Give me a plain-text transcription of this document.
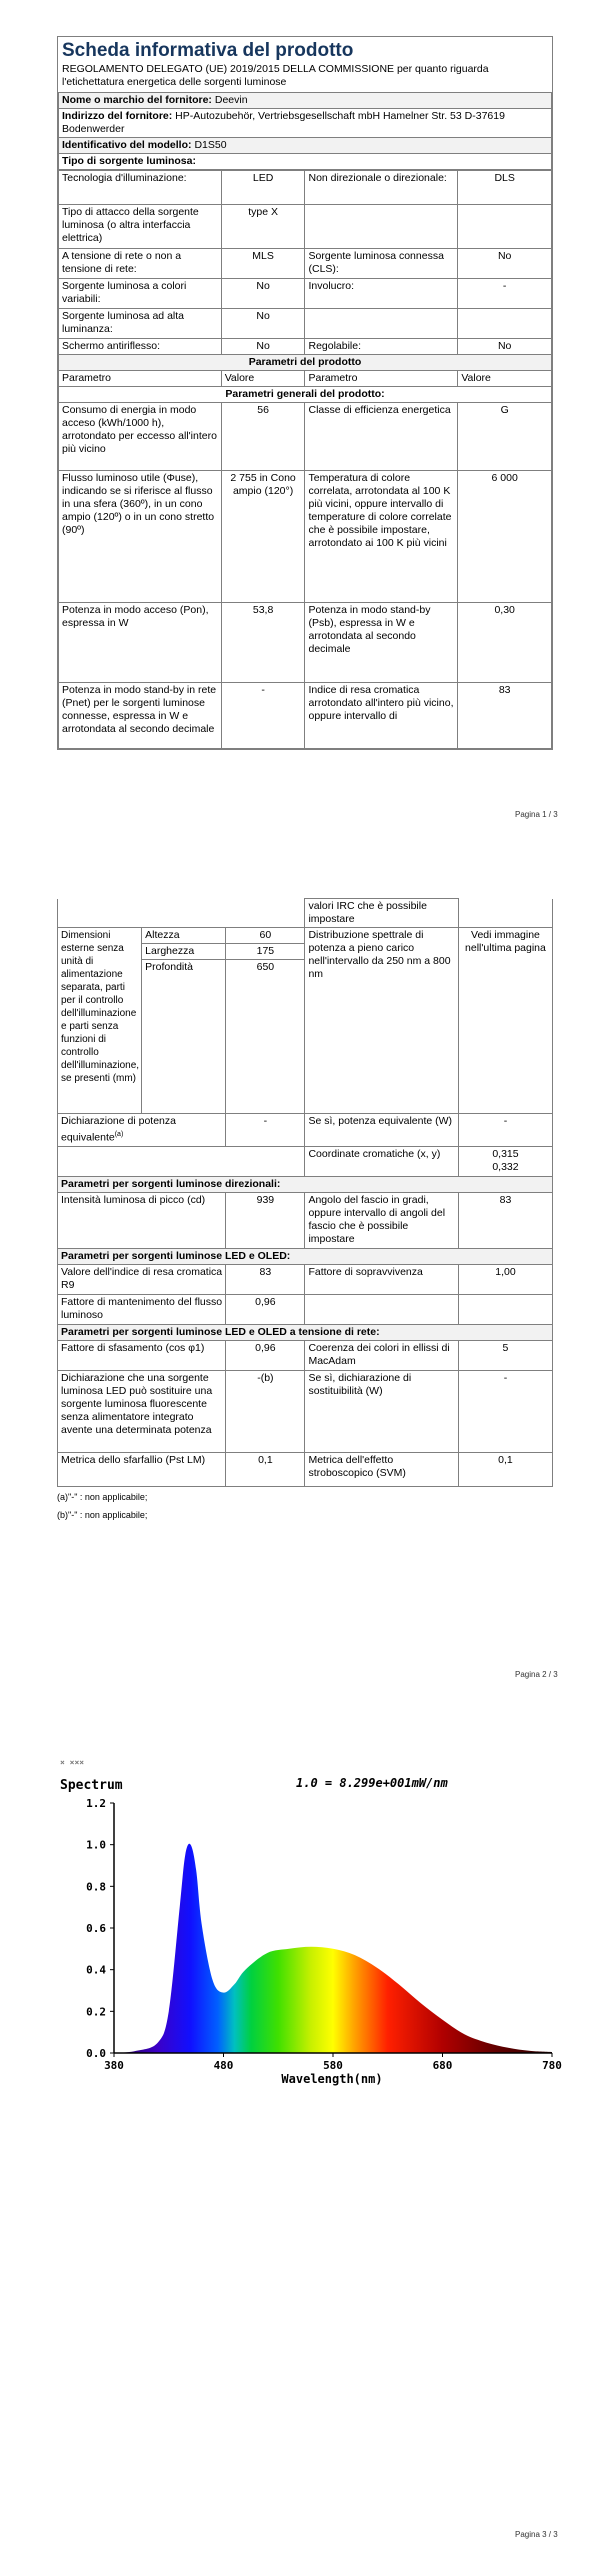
Scheda informativa del prodotto
REGOLAMENTO DELEGATO (UE) 2019/2015 DELLA COMMISSIONE per quanto riguarda l'etichettatura energetica delle sorgenti luminose
Nome o marchio del fornitore: Deevin
Indirizzo del fornitore: HP-Autozubehör, Vertriebsgesellschaft mbH Hamelner Str. 53 D-37619 Bodenwerder
Identificativo del modello: D1S50
Tipo di sorgente luminosa:
Tecnologia d'illuminazione:	LED	Non direzionale o direzionale:	DLS
Tipo di attacco della sorgente luminosa (o altra interfaccia elettrica)	type X		
A tensione di rete o non a tensione di rete:	MLS	Sorgente luminosa connessa (CLS):	No
Sorgente luminosa a colori variabili:	No	Involucro:	-
Sorgente luminosa ad alta luminanza:	No		
Schermo antiriflesso:	No	Regolabile:	No
Parametri del prodotto			
Parametro	Valore	Parametro	Valore
Parametri generali del prodotto:			
Consumo di energia in modo acceso (kWh/1000 h), arrotondato per eccesso all'intero più vicino	56	Classe di efficienza energetica	G
Flusso luminoso utile (Φuse), indicando se si riferisce al flusso in una sfera (360º), in un cono ampio (120º) o in un cono stretto (90º)	2 755 in Cono ampio (120°)	Temperatura di colore correlata, arrotondata al 100 K più vicini, oppure intervallo di temperature di colore correlate che è possibile impostare, arrotondato ai 100 K più vicini	6 000
Potenza in modo acceso (Pon), espressa in W	53,8	Potenza in modo stand-by (Psb), espressa in W e arrotondata al secondo decimale	0,30
Potenza in modo stand-by in rete (Pnet) per le sorgenti luminose connesse, espressa in W e arrotondata al secondo decimale	-	Indice di resa cromatica arrotondato all'intero più vicino, oppure intervallo di	83
Pagina 1 / 3
			valori IRC che è possibile impostare	
Dimensioni esterne senza unità di alimentazione separata, parti per il controllo dell'illuminazione e parti senza funzioni di controllo dell'illuminazione, se presenti (mm)	Altezza	60	Distribuzione spettrale di potenza a pieno carico nell'intervallo da 250 nm a 800 nm	Vedi immagine nell'ultima pagina
	Larghezza	175		
	Profondità	650		
Dichiarazione di potenza equivalente$^{(a)}$		-	Se sì, potenza equivalente (W)	-
			Coordinate cromatiche (x, y)	0,315
0,332

Parametri per sorgenti luminose direzionali:				
Intensità luminosa di picco (cd)		939	Angolo del fascio in gradi, oppure intervallo di angoli del fascio che è possibile impostare	83
Parametri per sorgenti luminose LED e OLED:				
Valore dell'indice di resa cromatica R9		83	Fattore di sopravvivenza	1,00
Fattore di mantenimento del flusso luminoso		0,96		
Parametri per sorgenti luminose LED e OLED a tensione di rete:				
Fattore di sfasamento (cos φ1)		0,96	Coerenza dei colori in ellissi di MacAdam	5
Dichiarazione che una sorgente luminosa LED può sostituire una sorgente luminosa fluorescente senza alimentatore integrato avente una determinata potenza		-(b)	Se sì, dichiarazione di sostituibilità (W)	-
Metrica dello sfarfallio (Pst LM)		0,1	Metrica dell'effetto stroboscopico (SVM)	0,1
(a)"-" : non applicabile;
(b)"-" : non applicabile;
Pagina 2 / 3
Pagina 3 / 3
× ×××
Spectrum	1.0 = 8.299e+001mW/nm
0.0
0.2
0.4
0.6
0.8
1.0
1.2
380	480	580	680	780
Wavelength(nm)
